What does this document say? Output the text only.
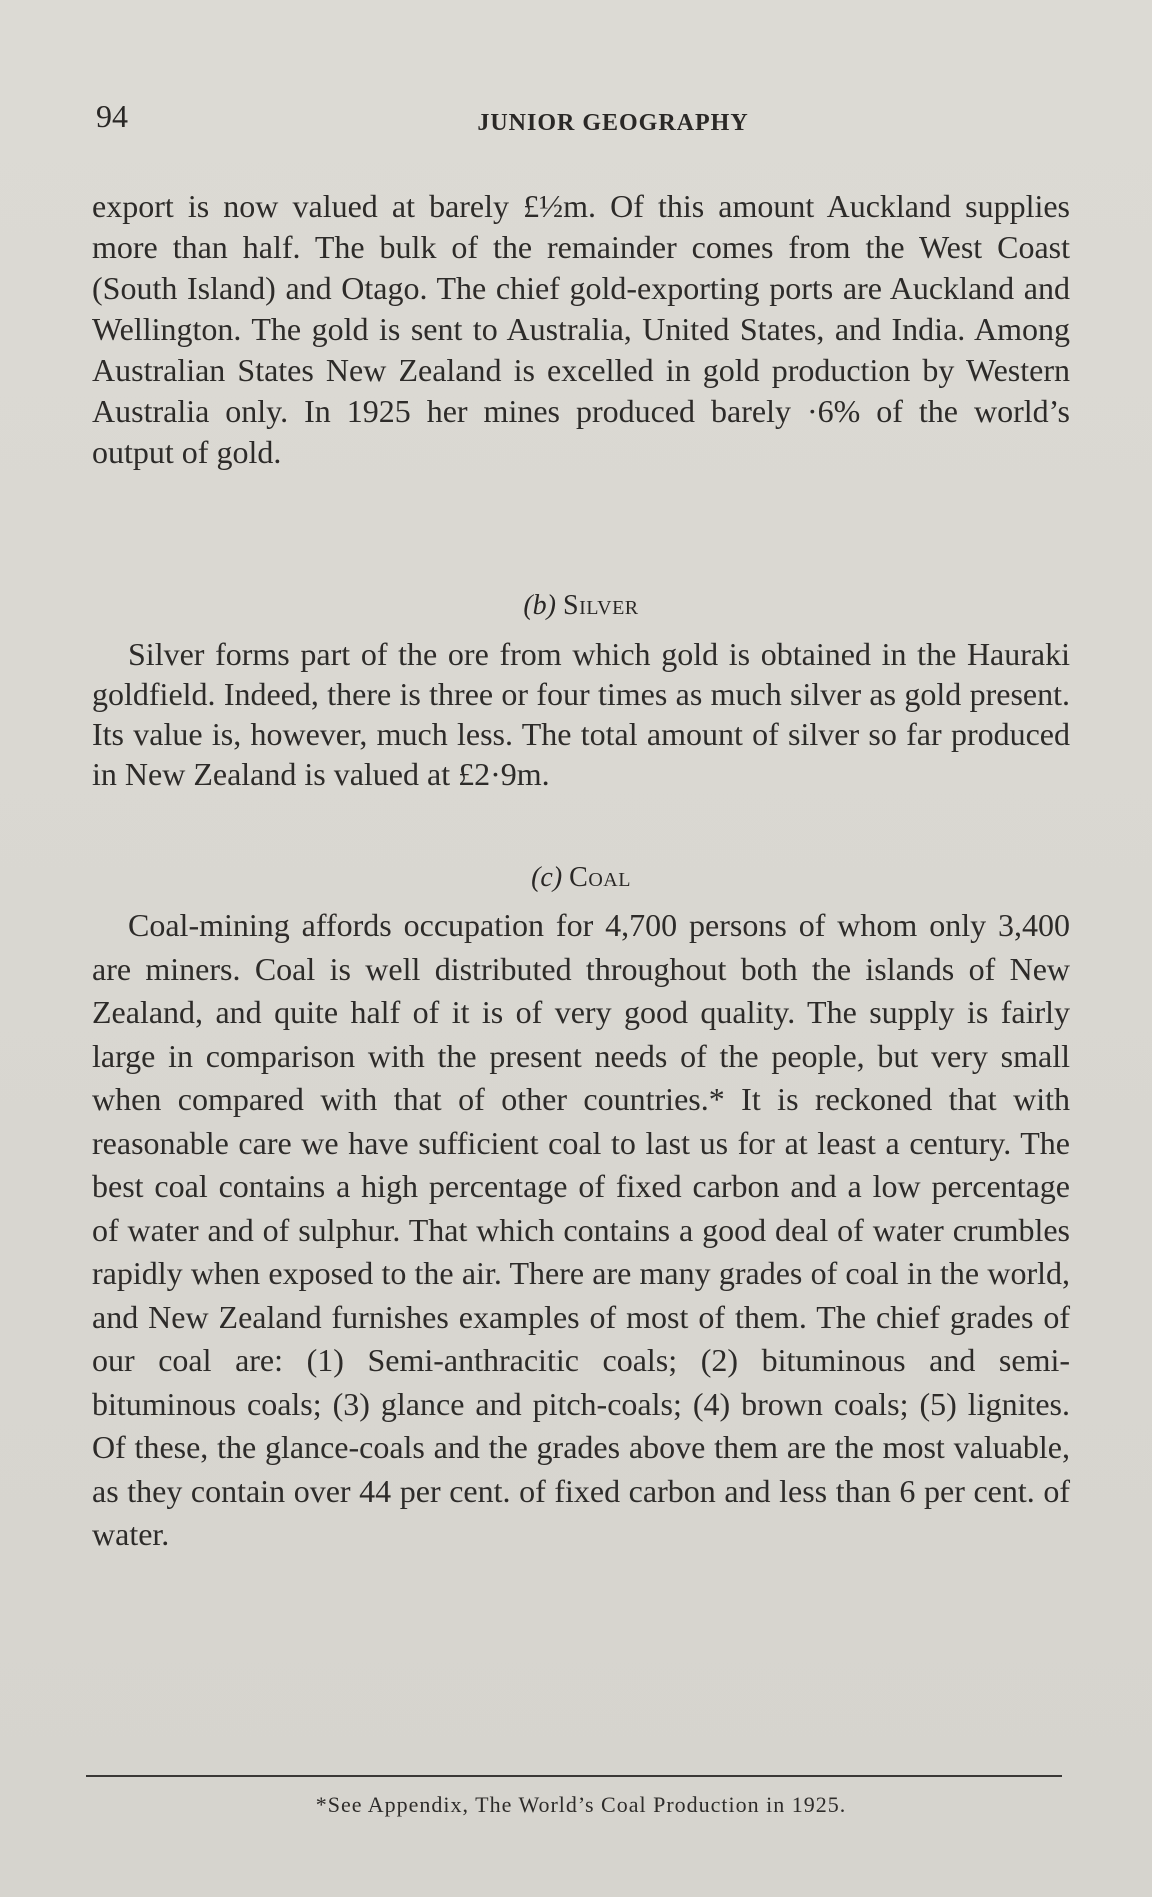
94	JUNIOR GEOGRAPHY

export is now valued at barely £½m. Of this amount Auckland supplies more than half. The bulk of the remainder comes from the West Coast (South Island) and Otago. The chief gold-exporting ports are Auckland and Wellington. The gold is sent to Australia, United States, and India. Among Australian States New Zealand is excelled in gold production by Western Australia only. In 1925 her mines produced barely ·6% of the world’s output of gold.

(b) Silver

Silver forms part of the ore from which gold is obtained in the Hauraki goldfield. Indeed, there is three or four times as much silver as gold present. Its value is, however, much less. The total amount of silver so far produced in New Zealand is valued at £2·9m.

(c) Coal

Coal-mining affords occupation for 4,700 persons of whom only 3,400 are miners. Coal is well distributed throughout both the islands of New Zealand, and quite half of it is of very good quality. The supply is fairly large in comparison with the present needs of the people, but very small when compared with that of other countries.* It is reckoned that with reasonable care we have sufficient coal to last us for at least a century. The best coal contains a high percentage of fixed carbon and a low percentage of water and of sulphur. That which contains a good deal of water crumbles rapidly when exposed to the air. There are many grades of coal in the world, and New Zealand furnishes examples of most of them. The chief grades of our coal are: (1) Semi-anthracitic coals; (2) bituminous and semi-bituminous coals; (3) glance and pitch-coals; (4) brown coals; (5) lignites. Of these, the glance-coals and the grades above them are the most valuable, as they contain over 44 per cent. of fixed carbon and less than 6 per cent. of water.

*See Appendix, The World’s Coal Production in 1925.
